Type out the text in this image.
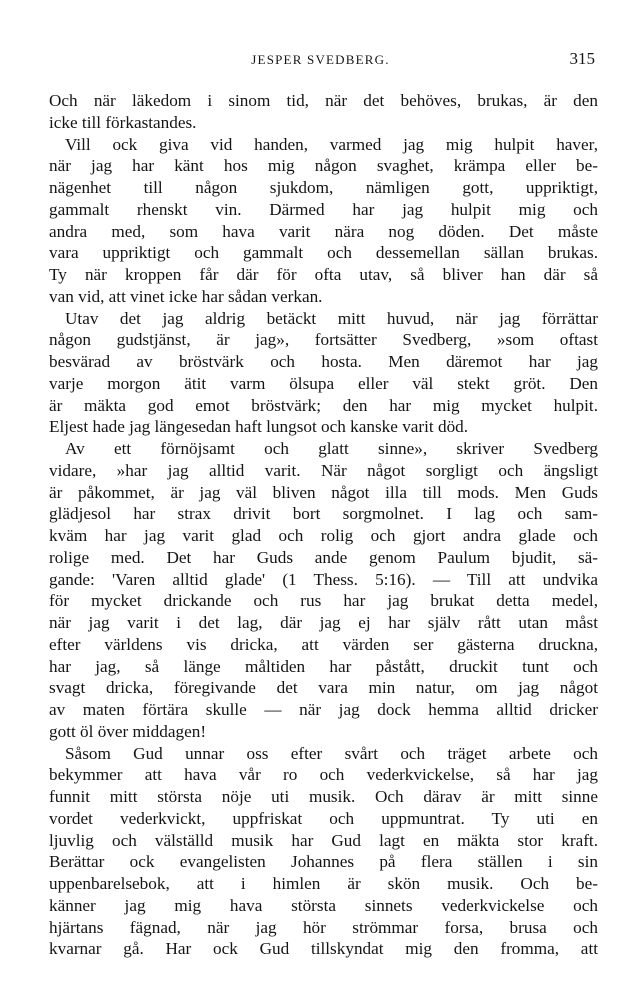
JESPER SVEDBERG.	315
Och när läkedom i sinom tid, när det behöves, brukas, är den
icke till förkastandes.
Vill ock giva vid handen, varmed jag mig hulpit haver,
när jag har känt hos mig någon svaghet, krämpa eller be-
nägenhet till någon sjukdom, nämligen gott, uppriktigt,
gammalt rhenskt vin. Därmed har jag hulpit mig och
andra med, som hava varit nära nog döden. Det måste
vara uppriktigt och gammalt och dessemellan sällan brukas.
Ty när kroppen får där för ofta utav, så bliver han där så
van vid, att vinet icke har sådan verkan.
Utav det jag aldrig betäckt mitt huvud, när jag förrättar
någon gudstjänst, är jag», fortsätter Svedberg, »som oftast
besvärad av bröstvärk och hosta. Men däremot har jag
varje morgon ätit varm ölsupa eller väl stekt gröt. Den
är mäkta god emot bröstvärk; den har mig mycket hulpit.
Eljest hade jag längesedan haft lungsot och kanske varit död.
Av ett förnöjsamt och glatt sinne», skriver Svedberg
vidare, »har jag alltid varit. När något sorgligt och ängsligt
är påkommet, är jag väl bliven något illa till mods. Men Guds
glädjesol har strax drivit bort sorgmolnet. I lag och sam-
kväm har jag varit glad och rolig och gjort andra glade och
rolige med. Det har Guds ande genom Paulum bjudit, sä-
gande: 'Varen alltid glade' (1 Thess. 5:16). — Till att undvika
för mycket drickande och rus har jag brukat detta medel,
när jag varit i det lag, där jag ej har själv rått utan måst
efter världens vis dricka, att värden ser gästerna druckna,
har jag, så länge måltiden har påstått, druckit tunt och
svagt dricka, föregivande det vara min natur, om jag något
av maten förtära skulle — när jag dock hemma alltid dricker
gott öl över middagen!
Såsom Gud unnar oss efter svårt och träget arbete och
bekymmer att hava vår ro och vederkvickelse, så har jag
funnit mitt största nöje uti musik. Och därav är mitt sinne
vordet vederkvickt, uppfriskat och uppmuntrat. Ty uti en
ljuvlig och välställd musik har Gud lagt en mäkta stor kraft.
Berättar ock evangelisten Johannes på flera ställen i sin
uppenbarelsebok, att i himlen är skön musik. Och be-
känner jag mig hava största sinnets vederkvickelse och
hjärtans fägnad, när jag hör strömmar forsa, brusa och
kvarnar gå. Har ock Gud tillskyndat mig den fromma, att
